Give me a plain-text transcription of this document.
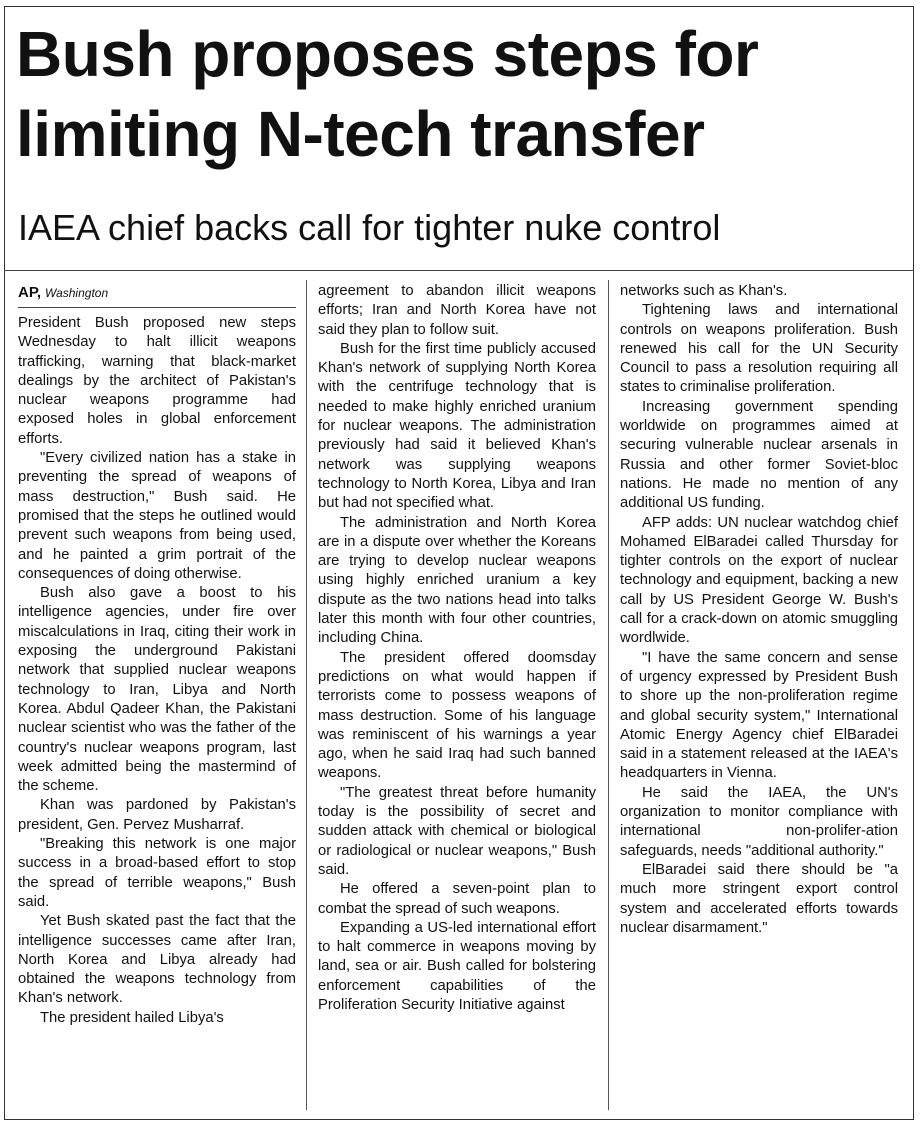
Bush proposes steps for limiting N-tech transfer
IAEA chief backs call for tighter nuke control
AP, Washington

President Bush proposed new steps Wednesday to halt illicit weapons trafficking, warning that black-market dealings by the architect of Pakistan's nuclear weapons programme had exposed holes in global enforcement efforts.

"Every civilized nation has a stake in preventing the spread of weapons of mass destruction," Bush said. He promised that the steps he outlined would prevent such weapons from being used, and he painted a grim portrait of the consequences of doing otherwise.

Bush also gave a boost to his intelligence agencies, under fire over miscalculations in Iraq, citing their work in exposing the underground Pakistani network that supplied nuclear weapons technology to Iran, Libya and North Korea. Abdul Qadeer Khan, the Pakistani nuclear scientist who was the father of the country's nuclear weapons program, last week admitted being the mastermind of the scheme.

Khan was pardoned by Pakistan's president, Gen. Pervez Musharraf.

"Breaking this network is one major success in a broad-based effort to stop the spread of terrible weapons," Bush said.

Yet Bush skated past the fact that the intelligence successes came after Iran, North Korea and Libya already had obtained the weapons technology from Khan's network.

The president hailed Libya's

agreement to abandon illicit weapons efforts; Iran and North Korea have not said they plan to follow suit.

Bush for the first time publicly accused Khan's network of supplying North Korea with the centrifuge technology that is needed to make highly enriched uranium for nuclear weapons. The administration previously had said it believed Khan's network was supplying weapons technology to North Korea, Libya and Iran but had not specified what.

The administration and North Korea are in a dispute over whether the Koreans are trying to develop nuclear weapons using highly enriched uranium a key dispute as the two nations head into talks later this month with four other countries, including China.

The president offered doomsday predictions on what would happen if terrorists come to possess weapons of mass destruction. Some of his language was reminiscent of his warnings a year ago, when he said Iraq had such banned weapons.

"The greatest threat before humanity today is the possibility of secret and sudden attack with chemical or biological or radiological or nuclear weapons," Bush said.

He offered a seven-point plan to combat the spread of such weapons.

Expanding a US-led international effort to halt commerce in weapons moving by land, sea or air. Bush called for bolstering enforcement capabilities of the Proliferation Security Initiative against

networks such as Khan's.

Tightening laws and international controls on weapons proliferation. Bush renewed his call for the UN Security Council to pass a resolution requiring all states to criminalise proliferation.

Increasing government spending worldwide on programmes aimed at securing vulnerable nuclear arsenals in Russia and other former Soviet-bloc nations. He made no mention of any additional US funding.

AFP adds: UN nuclear watchdog chief Mohamed ElBaradei called Thursday for tighter controls on the export of nuclear technology and equipment, backing a new call by US President George W. Bush's call for a crack-down on atomic smuggling wordlwide.

"I have the same concern and sense of urgency expressed by President Bush to shore up the non-proliferation regime and global security system," International Atomic Energy Agency chief ElBaradei said in a statement released at the IAEA's headquarters in Vienna.

He said the IAEA, the UN's organization to monitor compliance with international non-prolifer-ation safeguards, needs "additional authority."

ElBaradei said there should be "a much more stringent export control system and accelerated efforts towards nuclear disarmament."
